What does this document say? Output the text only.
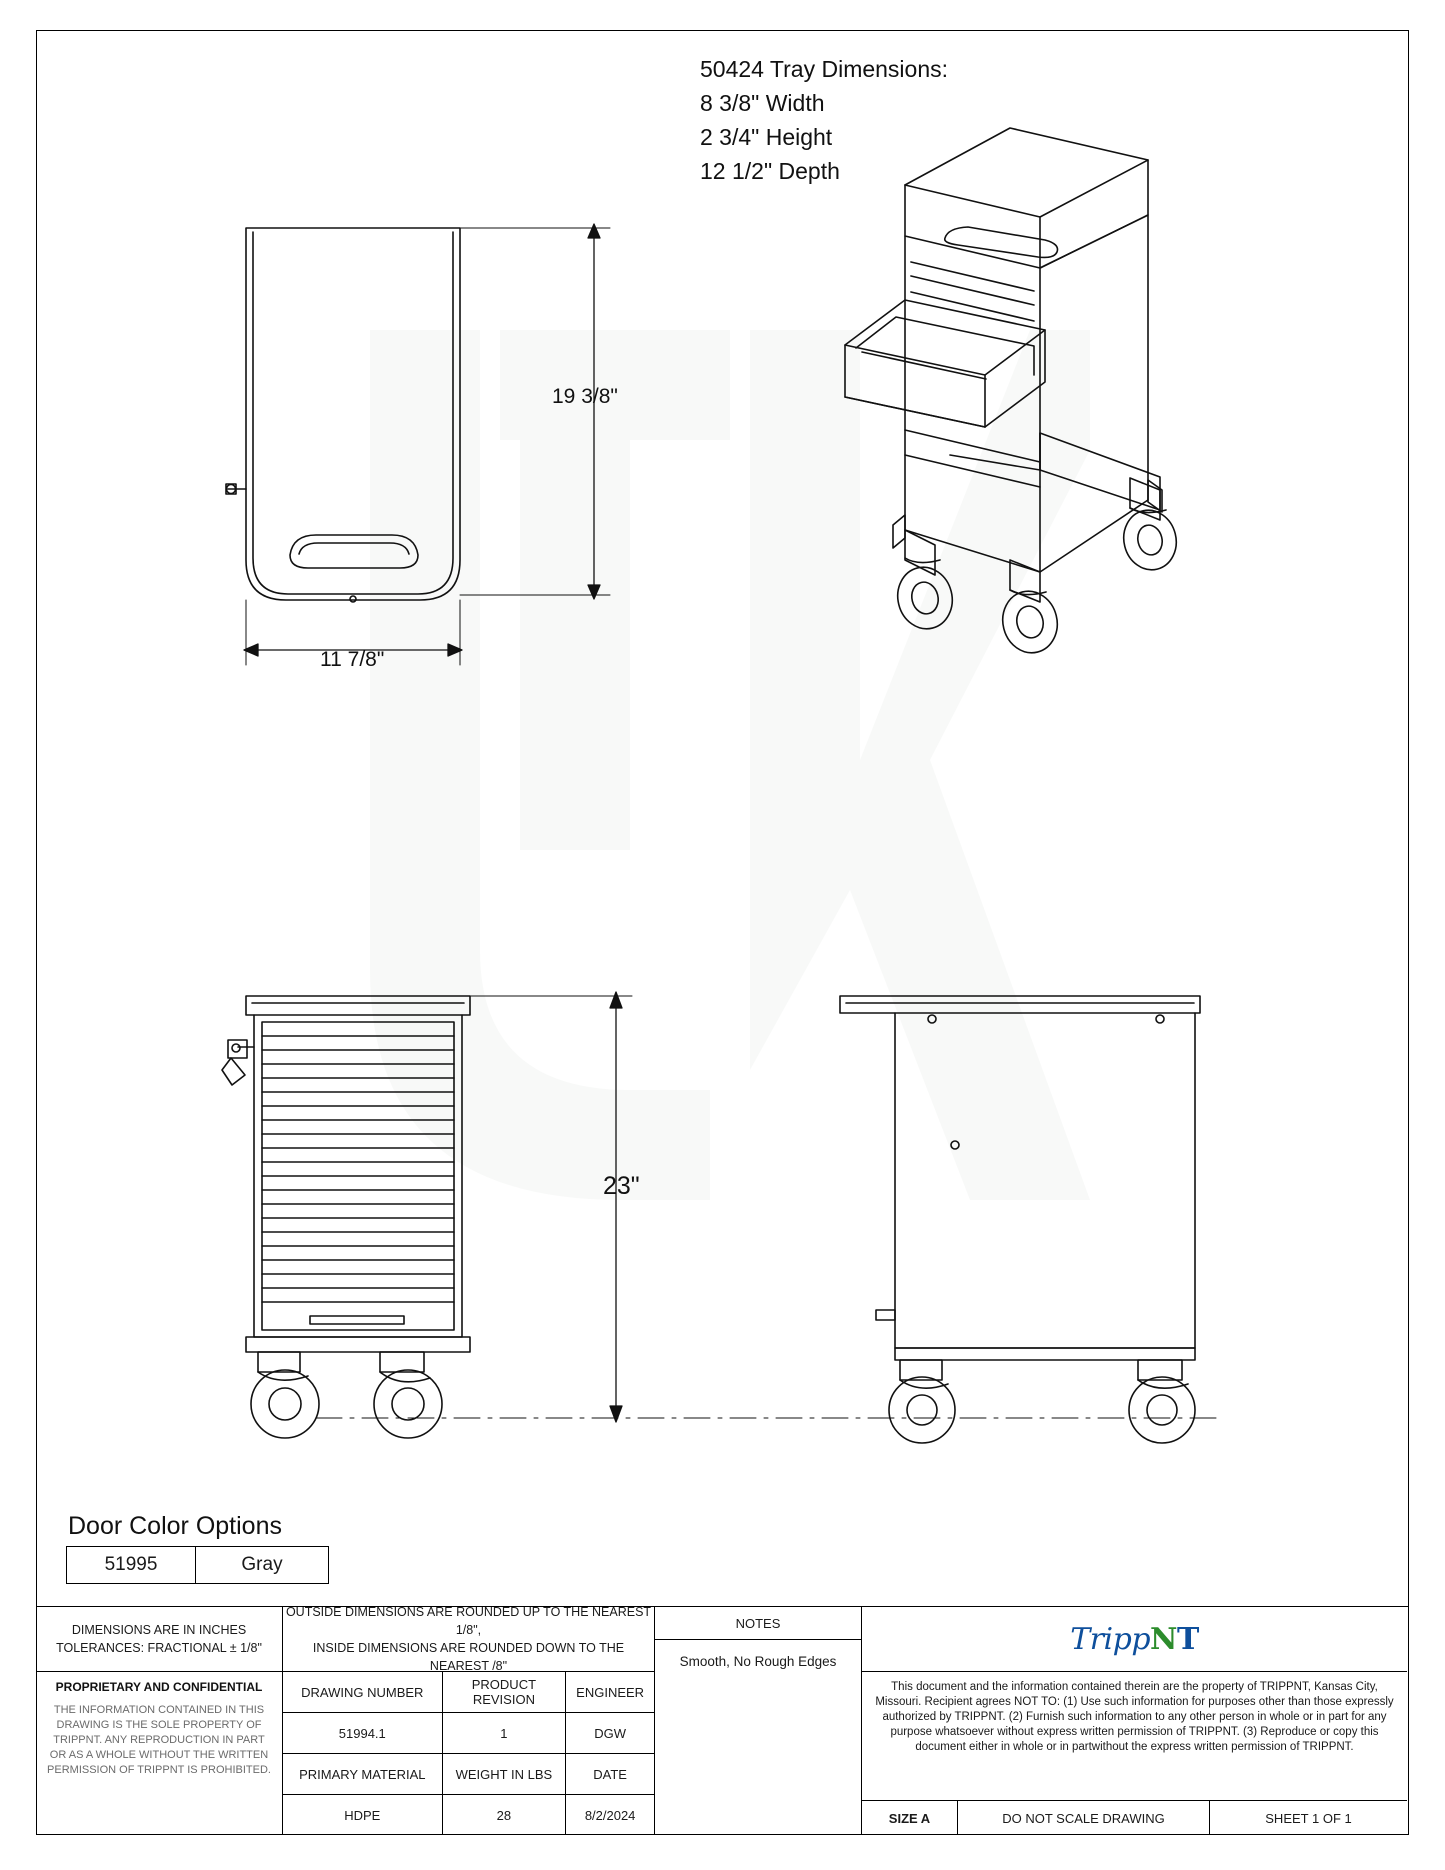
50424 Tray Dimensions:
8 3/8" Width
2 3/4" Height
12 1/2" Depth
19 3/8"
11 7/8"
23"
Door Color Options
51995	Gray
DIMENSIONS ARE IN INCHES
TOLERANCES: FRACTIONAL ± 1/8"
PROPRIETARY AND CONFIDENTIAL
THE INFORMATION CONTAINED IN THIS DRAWING IS THE SOLE PROPERTY OF TRIPPNT. ANY REPRODUCTION IN PART OR AS A WHOLE WITHOUT THE WRITTEN PERMISSION OF TRIPPNT IS PROHIBITED.
OUTSIDE DIMENSIONS ARE ROUNDED UP TO THE NEAREST 1/8",
INSIDE DIMENSIONS ARE ROUNDED DOWN TO THE NEAREST /8"
DRAWING NUMBER	PRODUCT REVISION	ENGINEER
51994.1	1	DGW
PRIMARY MATERIAL	WEIGHT IN LBS	DATE
HDPE	28	8/2/2024
NOTES
Smooth, No Rough Edges
TrippNT
This document and the information contained therein are the property of TRIPPNT, Kansas City, Missouri. Recipient agrees NOT TO: (1) Use such information for purposes other than those expressly authorized by TRIPPNT. (2) Furnish such information to any other person in whole or in part for any purpose whatsoever without express written permission of TRIPPNT. (3) Reproduce or copy this document either in whole or in partwithout the express written permission of TRIPPNT.
SIZE A	DO NOT SCALE DRAWING	SHEET 1 OF 1
